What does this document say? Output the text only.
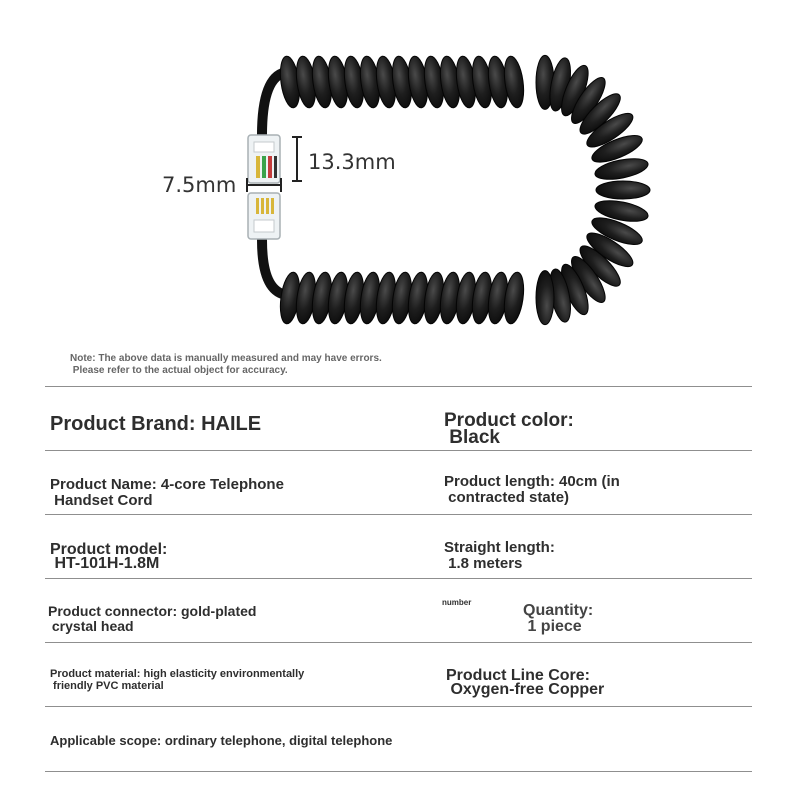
13.3mm
7.5mm
Note: The above data is manually measured and may have errors.
Please refer to the actual object for accuracy.
Product Brand: HAILE	Product color:
Black
Product Name: 4-core Telephone
Handset Cord
Product length: 40cm (in
contracted state)
Product model:
HT-101H-1.8M
Straight length:
1.8 meters
Product connector: gold-plated
crystal head
number	Quantity:
1 piece
Product material: high elasticity environmentally
friendly PVC material
Product Line Core:
Oxygen-free Copper
Applicable scope: ordinary telephone, digital telephone
